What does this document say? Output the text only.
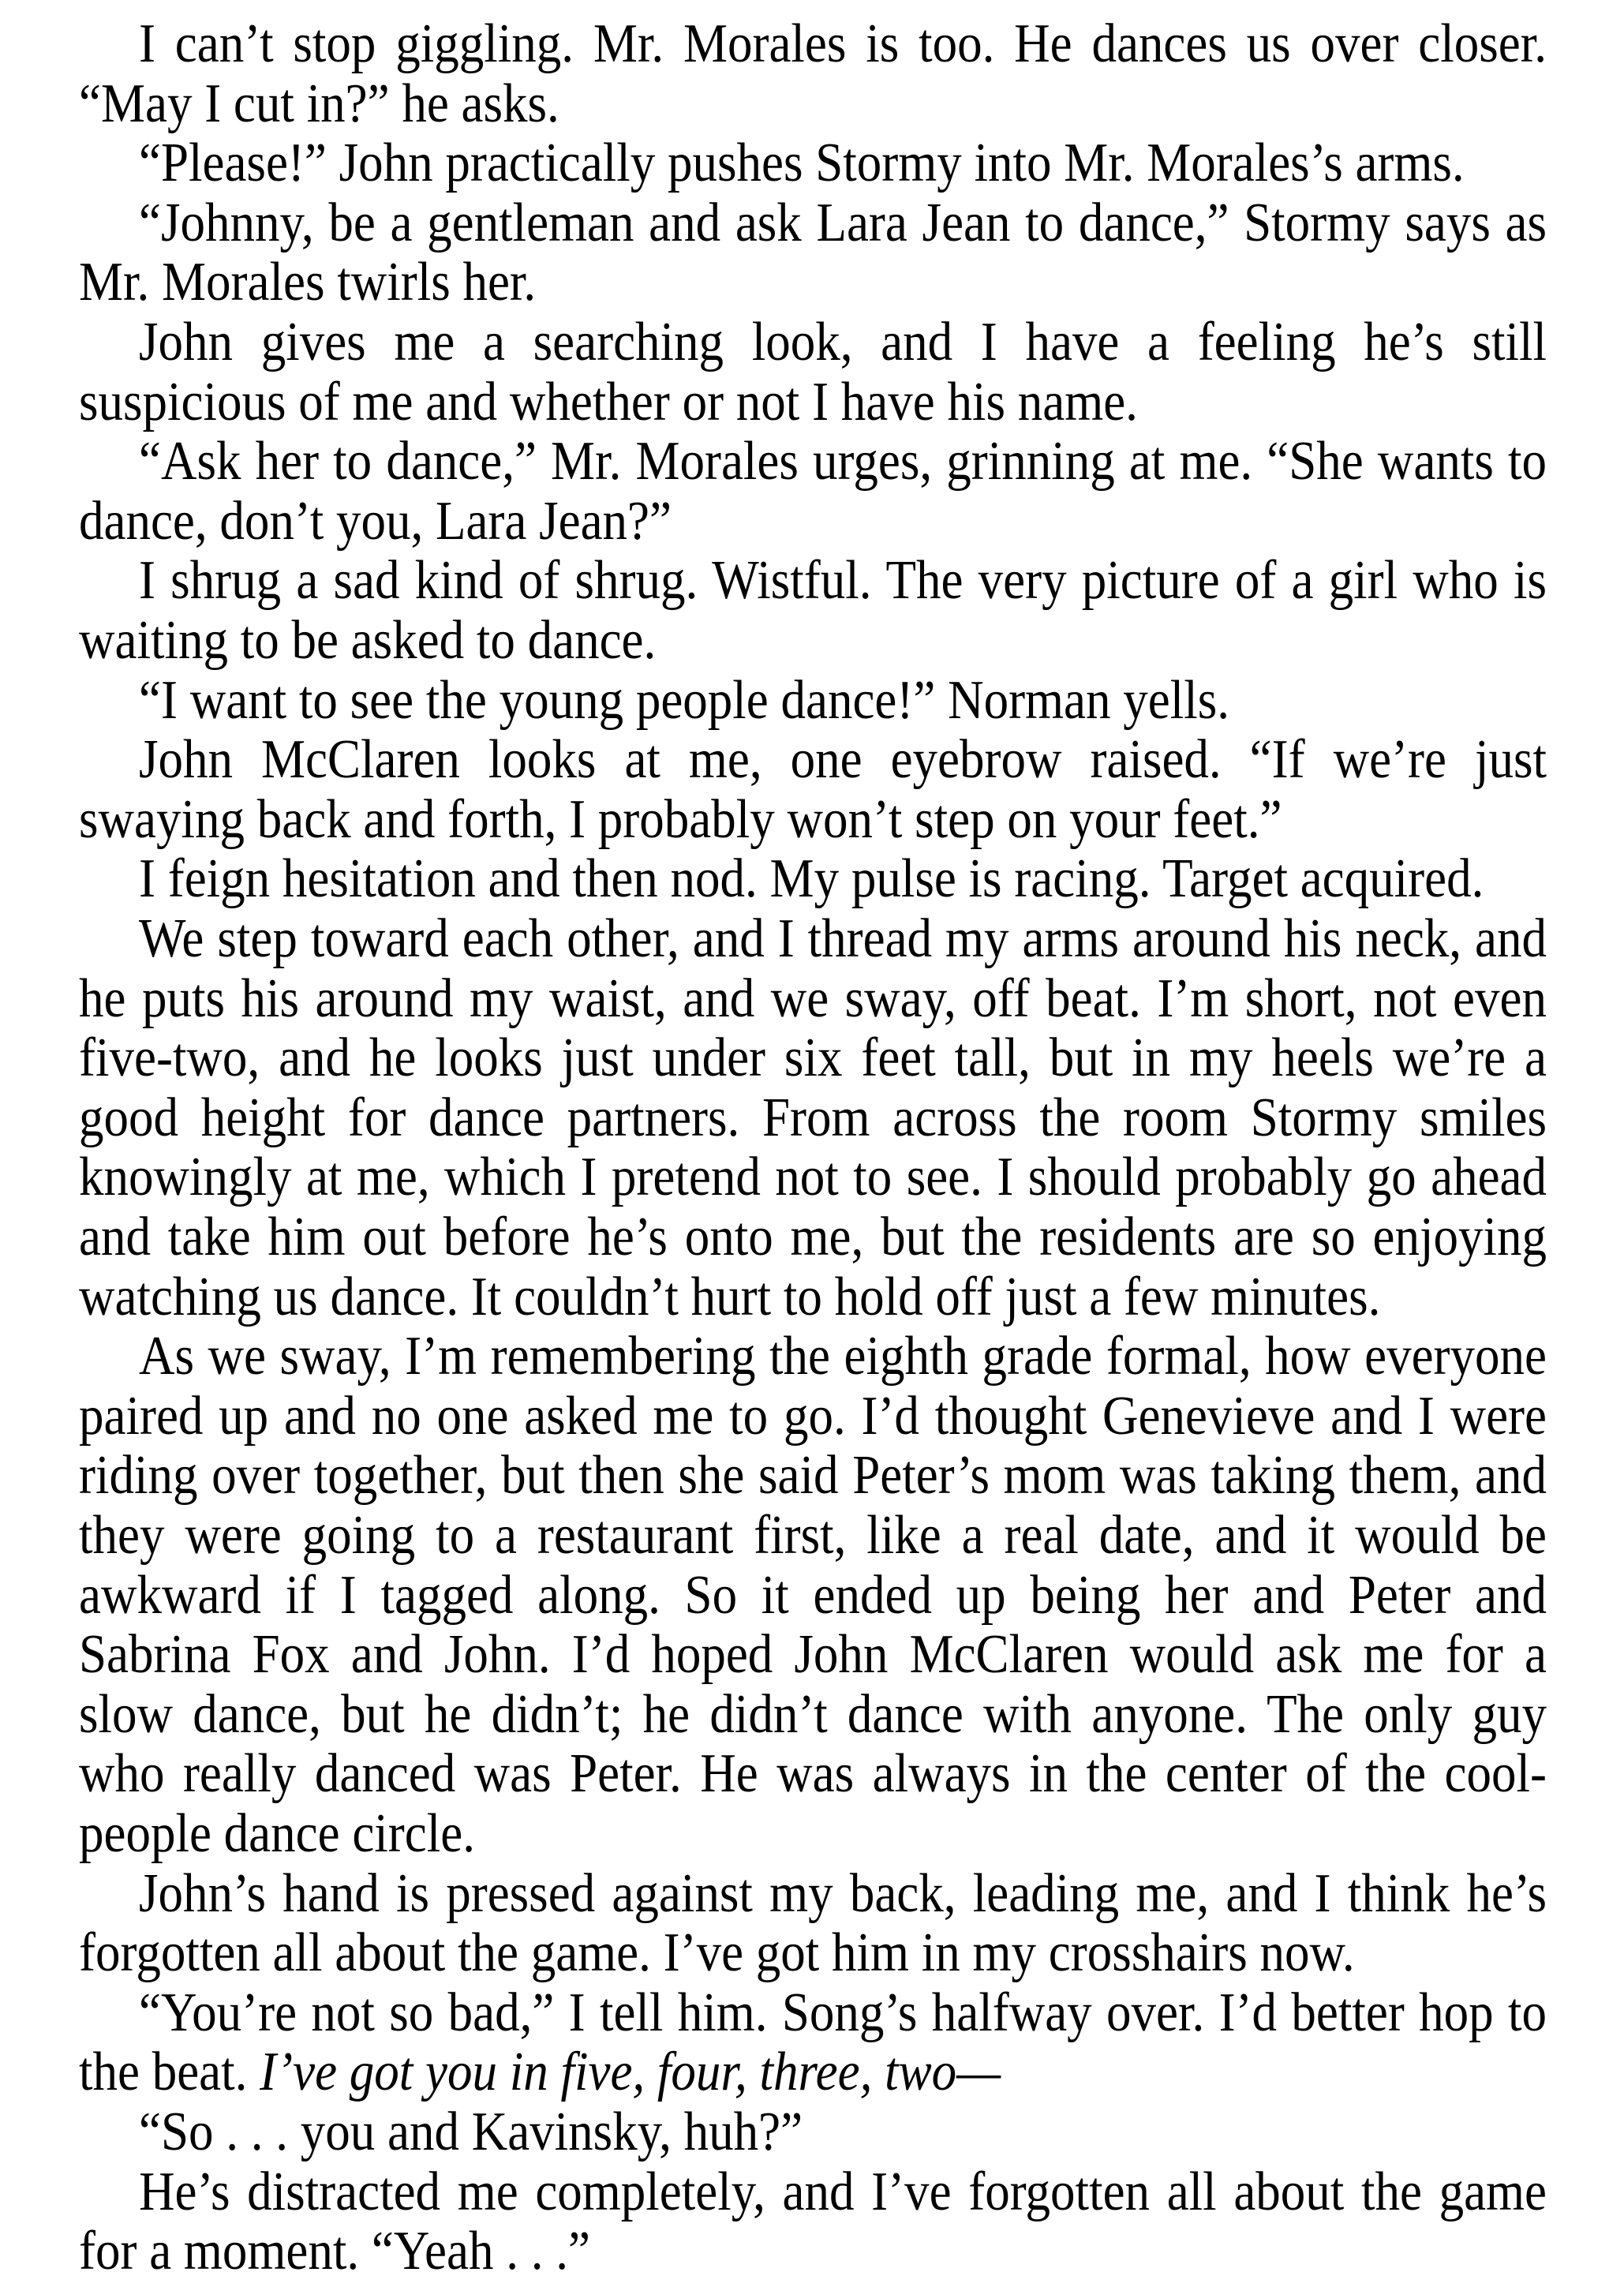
I can’t stop giggling. Mr. Morales is too. He dances us over closer.
“May I cut in?” he asks.
“Please!” John practically pushes Stormy into Mr. Morales’s arms.
“Johnny, be a gentleman and ask Lara Jean to dance,” Stormy says as
Mr. Morales twirls her.
John gives me a searching look, and I have a feeling he’s still
suspicious of me and whether or not I have his name.
“Ask her to dance,” Mr. Morales urges, grinning at me. “She wants to
dance, don’t you, Lara Jean?”
I shrug a sad kind of shrug. Wistful. The very picture of a girl who is
waiting to be asked to dance.
“I want to see the young people dance!” Norman yells.
John McClaren looks at me, one eyebrow raised. “If we’re just
swaying back and forth, I probably won’t step on your feet.”
I feign hesitation and then nod. My pulse is racing. Target acquired.
We step toward each other, and I thread my arms around his neck, and
he puts his around my waist, and we sway, off beat. I’m short, not even
five-two, and he looks just under six feet tall, but in my heels we’re a
good height for dance partners. From across the room Stormy smiles
knowingly at me, which I pretend not to see. I should probably go ahead
and take him out before he’s onto me, but the residents are so enjoying
watching us dance. It couldn’t hurt to hold off just a few minutes.
As we sway, I’m remembering the eighth grade formal, how everyone
paired up and no one asked me to go. I’d thought Genevieve and I were
riding over together, but then she said Peter’s mom was taking them, and
they were going to a restaurant first, like a real date, and it would be
awkward if I tagged along. So it ended up being her and Peter and
Sabrina Fox and John. I’d hoped John McClaren would ask me for a
slow dance, but he didn’t; he didn’t dance with anyone. The only guy
who really danced was Peter. He was always in the center of the cool-
people dance circle.
John’s hand is pressed against my back, leading me, and I think he’s
forgotten all about the game. I’ve got him in my crosshairs now.
“You’re not so bad,” I tell him. Song’s halfway over. I’d better hop to
the beat. I’ve got you in five, four, three, two—
“So . . . you and Kavinsky, huh?”
He’s distracted me completely, and I’ve forgotten all about the game
for a moment. “Yeah . . .”
